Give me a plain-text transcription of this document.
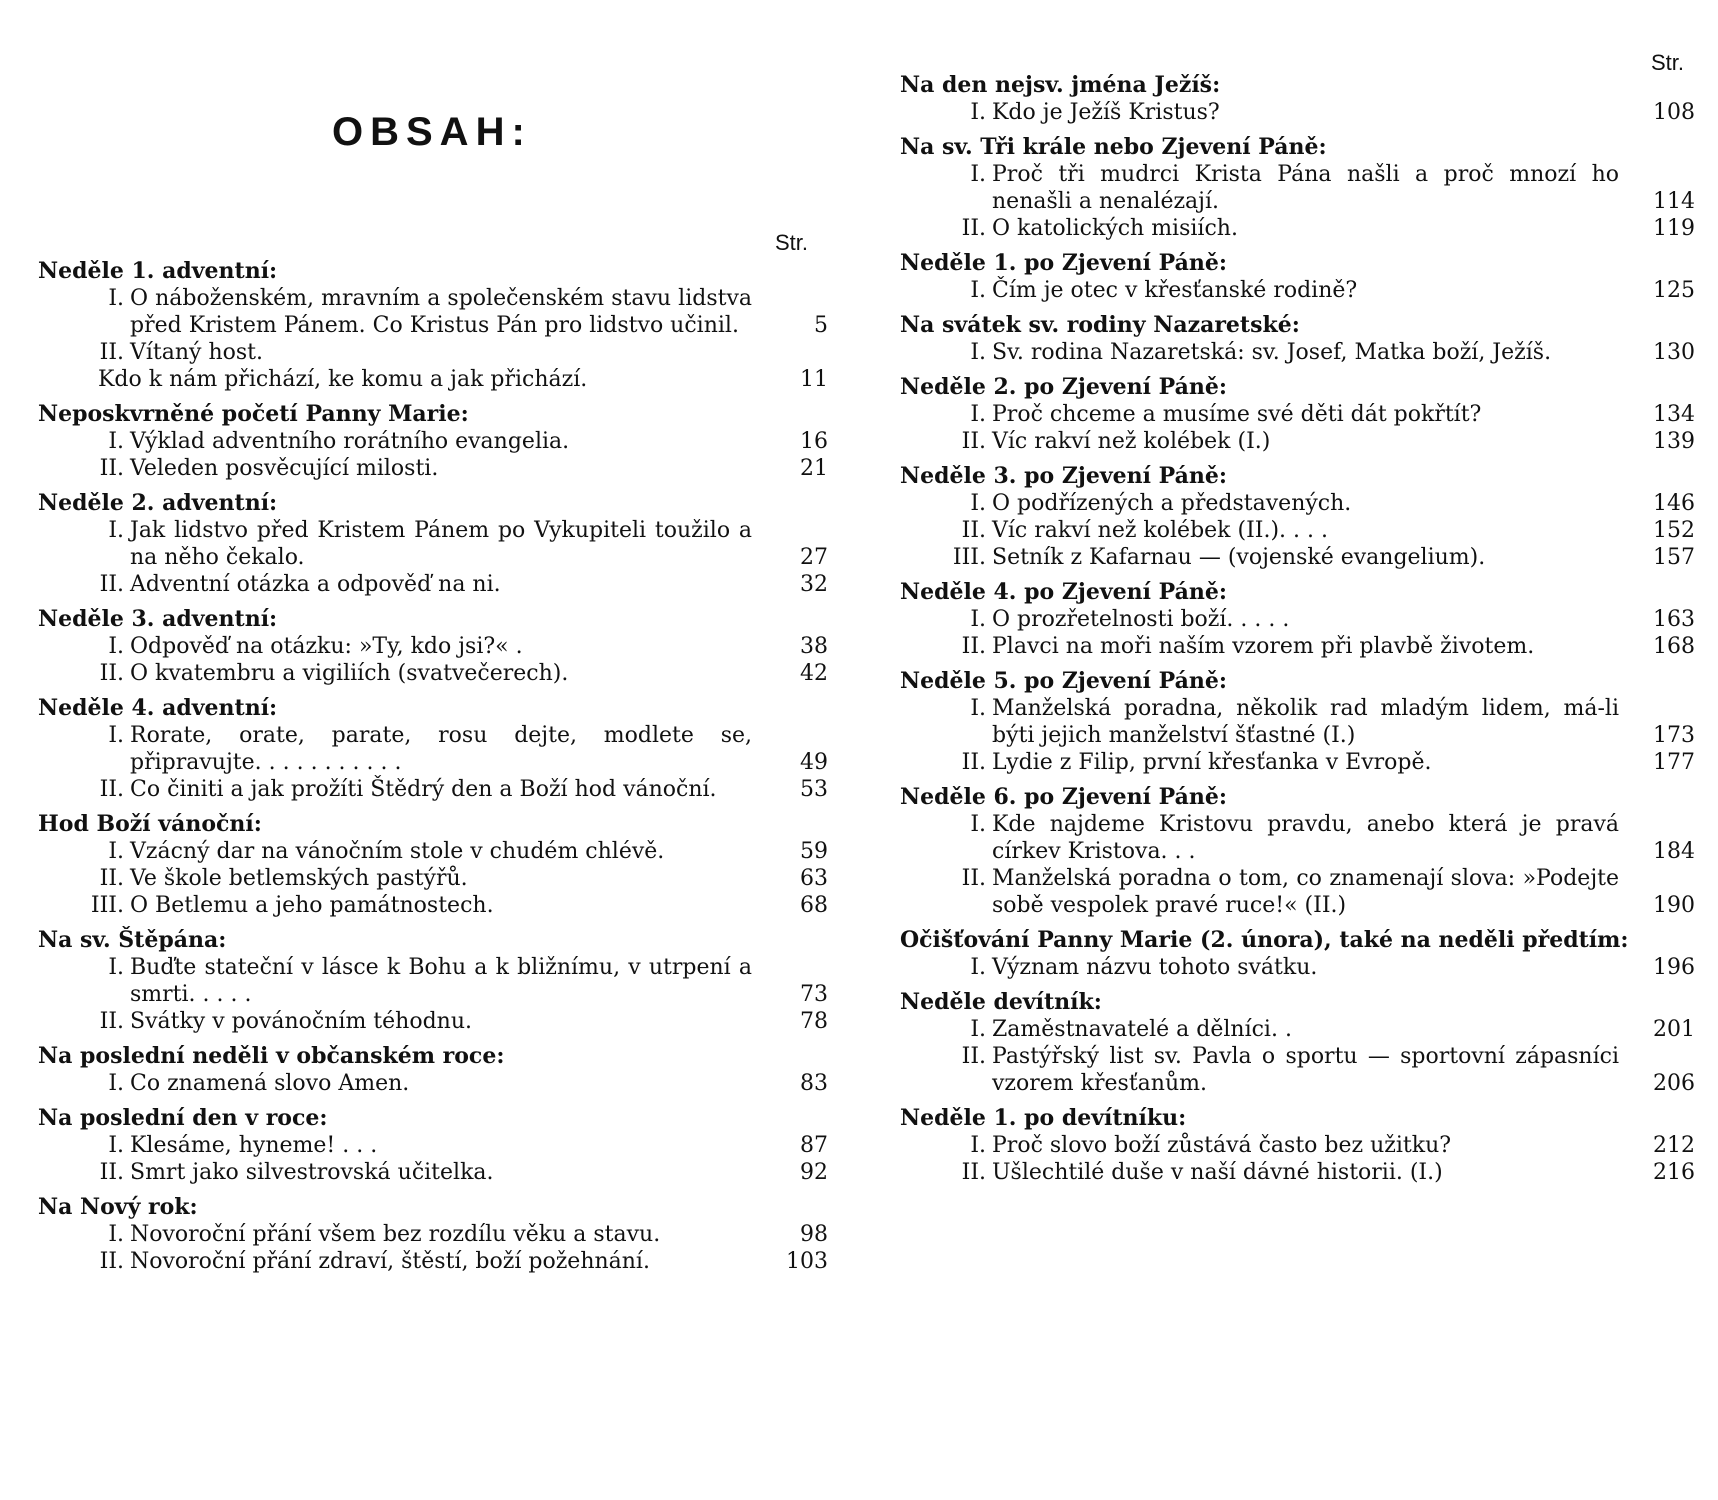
OBSAH:
Str.
Str.
Neděle 1. adventní:
I. O náboženském, mravním a společenském stavu lidstva před Kristem Pánem. Co Kristus Pán pro lidstvo učinil.	5
II. Vítaný host.
Kdo k nám přichází, ke komu a jak přichází.	11
Neposkvrněné početí Panny Marie:
I. Výklad adventního rorátního evangelia.	16
II. Veleden posvěcující milosti.	21
Neděle 2. adventní:
I. Jak lidstvo před Kristem Pánem po Vykupiteli toužilo a na něho čekalo.	27
II. Adventní otázka a odpověď na ni.	32
Neděle 3. adventní:
I. Odpověď na otázku: »Ty, kdo jsi?« .	38
II. O kvatembru a vigiliích (svatvečerech).	42
Neděle 4. adventní:
I. Rorate, orate, parate, rosu dejte, modlete se, připravujte. . . . . . . . . . .	49
II. Co činiti a jak prožíti Štědrý den a Boží hod vánoční.	53
Hod Boží vánoční:
I. Vzácný dar na vánočním stole v chudém chlévě.	59
II. Ve škole betlemských pastýřů.	63
III. O Betlemu a jeho památnostech.	68
Na sv. Štěpána:
I. Buďte stateční v lásce k Bohu a k bližnímu, v utrpení a smrti. . . . .	73
II. Svátky v povánočním téhodnu.	78
Na poslední neděli v občanském roce:
I. Co znamená slovo Amen.	83
Na poslední den v roce:
I. Klesáme, hyneme! . . .	87
II. Smrt jako silvestrovská učitelka.	92
Na Nový rok:
I. Novoroční přání všem bez rozdílu věku a stavu.	98
II. Novoroční přání zdraví, štěstí, boží požehnání.	103
Na den nejsv. jména Ježíš:
I. Kdo je Ježíš Kristus?	108
Na sv. Tři krále nebo Zjevení Páně:
I. Proč tři mudrci Krista Pána našli a proč mnozí ho nenašli a nenalézají.	114
II. O katolických misiích.	119
Neděle 1. po Zjevení Páně:
I. Čím je otec v křesťanské rodině?	125
Na svátek sv. rodiny Nazaretské:
I. Sv. rodina Nazaretská: sv. Josef, Matka boží, Ježíš.	130
Neděle 2. po Zjevení Páně:
I. Proč chceme a musíme své děti dát pokřtít?	134
II. Víc rakví než kolébek (I.)	139
Neděle 3. po Zjevení Páně:
I. O podřízených a představených.	146
II. Víc rakví než kolébek (II.). . . .	152
III. Setník z Kafarnau — (vojenské evangelium).	157
Neděle 4. po Zjevení Páně:
I. O prozřetelnosti boží. . . . .	163
II. Plavci na moři naším vzorem při plavbě životem.	168
Neděle 5. po Zjevení Páně:
I. Manželská poradna, několik rad mladým lidem, má-li býti jejich manželství šťastné (I.)	173
II. Lydie z Filip, první křesťanka v Evropě.	177
Neděle 6. po Zjevení Páně:
I. Kde najdeme Kristovu pravdu, anebo která je pravá církev Kristova. . .	184
II. Manželská poradna o tom, co znamenají slova: »Podejte sobě vespolek pravé ruce!« (II.)	190
Očišťování Panny Marie (2. února), také na neděli předtím:
I. Význam názvu tohoto svátku.	196
Neděle devítník:
I. Zaměstnavatelé a dělníci. .	201
II. Pastýřský list sv. Pavla o sportu — sportovní zápasníci vzorem křesťanům.	206
Neděle 1. po devítníku:
I. Proč slovo boží zůstává často bez užitku?	212
II. Ušlechtilé duše v naší dávné historii. (I.)	216
